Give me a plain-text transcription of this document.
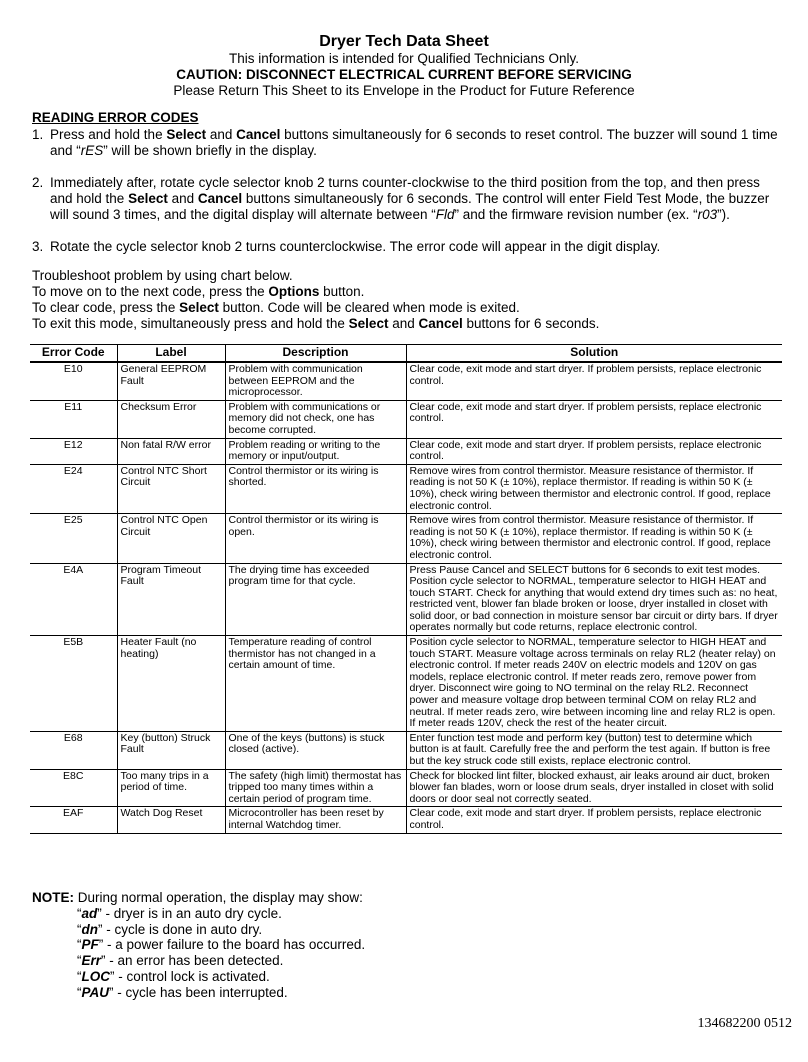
Dryer Tech Data Sheet
This information is intended for Qualified Technicians Only.
CAUTION: DISCONNECT ELECTRICAL CURRENT BEFORE SERVICING
Please Return This Sheet to its Envelope in the Product for Future Reference
READING ERROR CODES
1. Press and hold the Select and Cancel buttons simultaneously for 6 seconds to reset control. The buzzer will sound 1 time and “rES” will be shown briefly in the display.
2. Immediately after, rotate cycle selector knob 2 turns counter-clockwise to the third position from the top, and then press and hold the Select and Cancel buttons simultaneously for 6 seconds. The control will enter Field Test Mode, the buzzer will sound 3 times, and the digital display will alternate between “Fld” and the firmware revision number (ex. “r03”).
3. Rotate the cycle selector knob 2 turns counterclockwise. The error code will appear in the digit display.
Troubleshoot problem by using chart below.
To move on to the next code, press the Options button.
To clear code, press the Select button. Code will be cleared when mode is exited.
To exit this mode, simultaneously press and hold the Select and Cancel buttons for 6 seconds.
Error Code	Label	Description	Solution
E10	General EEPROM Fault	Problem with communication between EEPROM and the microprocessor.	Clear code, exit mode and start dryer. If problem persists, replace electronic control.
E11	Checksum Error	Problem with communications or memory did not check, one has become corrupted.	Clear code, exit mode and start dryer. If problem persists, replace electronic control.
E12	Non fatal R/W error	Problem reading or writing to the memory or input/output.	Clear code, exit mode and start dryer. If problem persists, replace electronic control.
E24	Control NTC Short Circuit	Control thermistor or its wiring is shorted.	Remove wires from control thermistor. Measure resistance of thermistor. If reading is not 50 K (± 10%), replace thermistor. If reading is within 50 K (± 10%), check wiring between thermistor and electronic control. If good, replace electronic control.
E25	Control NTC Open Circuit	Control thermistor or its wiring is open.	Remove wires from control thermistor. Measure resistance of thermistor. If reading is not 50 K (± 10%), replace thermistor. If reading is within 50 K (± 10%), check wiring between thermistor and electronic control. If good, replace electronic control.
E4A	Program Timeout Fault	The drying time has exceeded program time for that cycle.	Press Pause Cancel and SELECT buttons for 6 seconds to exit test modes. Position cycle selector to NORMAL, temperature selector to HIGH HEAT and touch START. Check for anything that would extend dry times such as: no heat, restricted vent, blower fan blade broken or loose, dryer installed in closet with solid door, or bad connection in moisture sensor bar circuit or dirty bars. If dryer operates normally but code returns, replace electronic control.
E5B	Heater Fault (no heating)	Temperature reading of control thermistor has not changed in a certain amount of time.	Position cycle selector to NORMAL, temperature selector to HIGH HEAT and touch START. Measure voltage across terminals on relay RL2 (heater relay) on electronic control. If meter reads 240V on electric models and 120V on gas models, replace electronic control. If meter reads zero, remove power from dryer. Disconnect wire going to NO terminal on the relay RL2. Reconnect power and measure voltage drop between terminal COM on relay RL2 and neutral. If meter reads zero, wire between incoming line and relay RL2 is open. If meter reads 120V, check the rest of the heater circuit.
E68	Key (button) Struck Fault	One of the keys (buttons) is stuck closed (active).	Enter function test mode and perform key (button) test to determine which button is at fault. Carefully free the and perform the test again. If button is free but the key struck code still exists, replace electronic control.
E8C	Too many trips in a period of time.	The safety (high limit) thermostat has tripped too many times within a certain period of program time.	Check for blocked lint filter, blocked exhaust, air leaks around air duct, broken blower fan blades, worn or loose drum seals, dryer installed in closet with solid doors or door seal not correctly seated.
EAF	Watch Dog Reset	Microcontroller has been reset by internal Watchdog timer.	Clear code, exit mode and start dryer. If problem persists, replace electronic control.
NOTE: During normal operation, the display may show:
“ad” - dryer is in an auto dry cycle.
“dn” - cycle is done in auto dry.
“PF” - a power failure to the board has occurred.
“Err” - an error has been detected.
“LOC” - control lock is activated.
“PAU” - cycle has been interrupted.
134682200 0512
